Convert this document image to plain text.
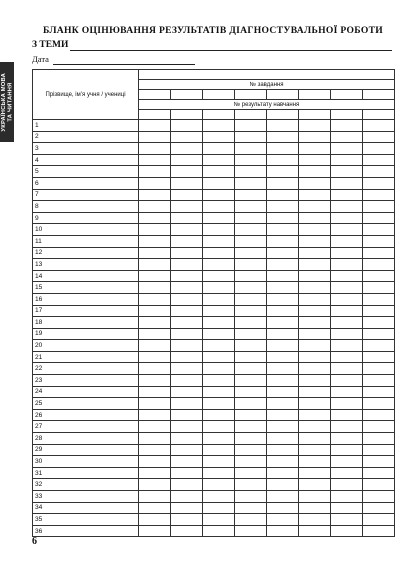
УКРАЇНСЬКА МОВА
ТА ЧИТАННЯ
БЛАНК ОЦІНЮВАННЯ РЕЗУЛЬТАТІВ ДІАГНОСТУВАЛЬНОЇ РОБОТИ
З ТЕМИ
Дата
Прізвище, ім’я учня / учениці								
	№ завдання							

	№ результату навчання							

1								
2								
3								
4								
5								
6								
7								
8								
9								
10								
11								
12								
13								
14								
15								
16								
17								
18								
19								
20								
21								
22								
23								
24								
25								
26								
27								
28								
29								
30								
31								
32								
33								
34								
35								
36								
6
